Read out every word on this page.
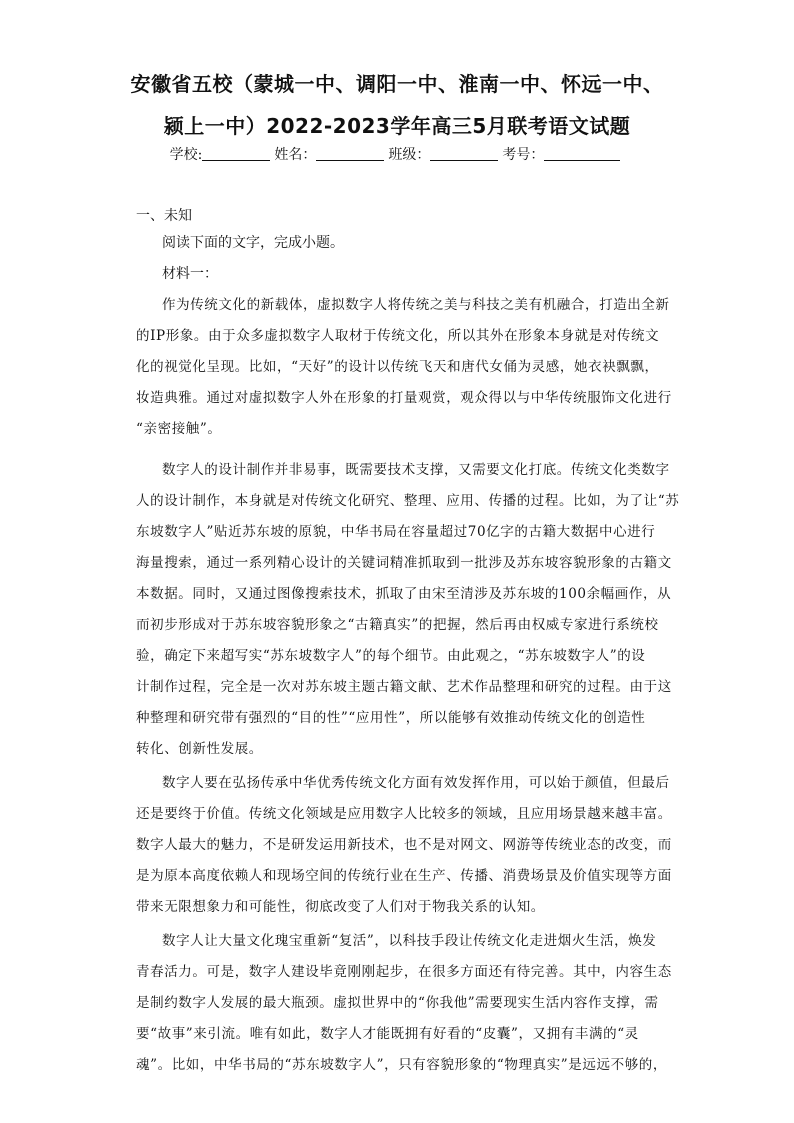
安徽省五校（蒙城一中、调阳一中、淮南一中、怀远一中、
颍上一中）2022-2023学年高三5月联考语文试题
学校:	姓名：	班级：	考号：
一、未知
阅读下面的文字，完成小题。
材料一：
作为传统文化的新载体，虚拟数字人将传统之美与科技之美有机融合，打造出全新
的IP形象。由于众多虚拟数字人取材于传统文化，所以其外在形象本身就是对传统文
化的视觉化呈现。比如，“天好”的设计以传统飞天和唐代女俑为灵感，她衣袂飘飘，
妆造典雅。通过对虚拟数字人外在形象的打量观赏，观众得以与中华传统服饰文化进行
“亲密接触”。
数字人的设计制作并非易事，既需要技术支撑，又需要文化打底。传统文化类数字
人的设计制作，本身就是对传统文化研究、整理、应用、传播的过程。比如，为了让“苏
东坡数字人”贴近苏东坡的原貌，中华书局在容量超过70亿字的古籍大数据中心进行
海量搜索，通过一系列精心设计的关键词精准抓取到一批涉及苏东坡容貌形象的古籍文
本数据。同时，又通过图像搜索技术，抓取了由宋至清涉及苏东坡的100余幅画作，从
而初步形成对于苏东坡容貌形象之“古籍真实”的把握，然后再由权威专家进行系统校
验，确定下来超写实“苏东坡数字人”的每个细节。由此观之，“苏东坡数字人”的设
计制作过程，完全是一次对苏东坡主题古籍文献、艺术作品整理和研究的过程。由于这
种整理和研究带有强烈的“目的性”“应用性”，所以能够有效推动传统文化的创造性
转化、创新性发展。
数字人要在弘扬传承中华优秀传统文化方面有效发挥作用，可以始于颜值，但最后
还是要终于价值。传统文化领域是应用数字人比较多的领域，且应用场景越来越丰富。
数字人最大的魅力，不是研发运用新技术，也不是对网文、网游等传统业态的改变，而
是为原本高度依赖人和现场空间的传统行业在生产、传播、消费场景及价值实现等方面
带来无限想象力和可能性，彻底改变了人们对于物我关系的认知。
数字人让大量文化瑰宝重新“复活”，以科技手段让传统文化走进烟火生活，焕发
青春活力。可是，数字人建设毕竟刚刚起步，在很多方面还有待完善。其中，内容生态
是制约数字人发展的最大瓶颈。虚拟世界中的“你我他”需要现实生活内容作支撑，需
要“故事”来引流。唯有如此，数字人才能既拥有好看的“皮囊”，又拥有丰满的“灵
魂”。比如，中华书局的“苏东坡数字人”，只有容貌形象的“物理真实”是远远不够的，
